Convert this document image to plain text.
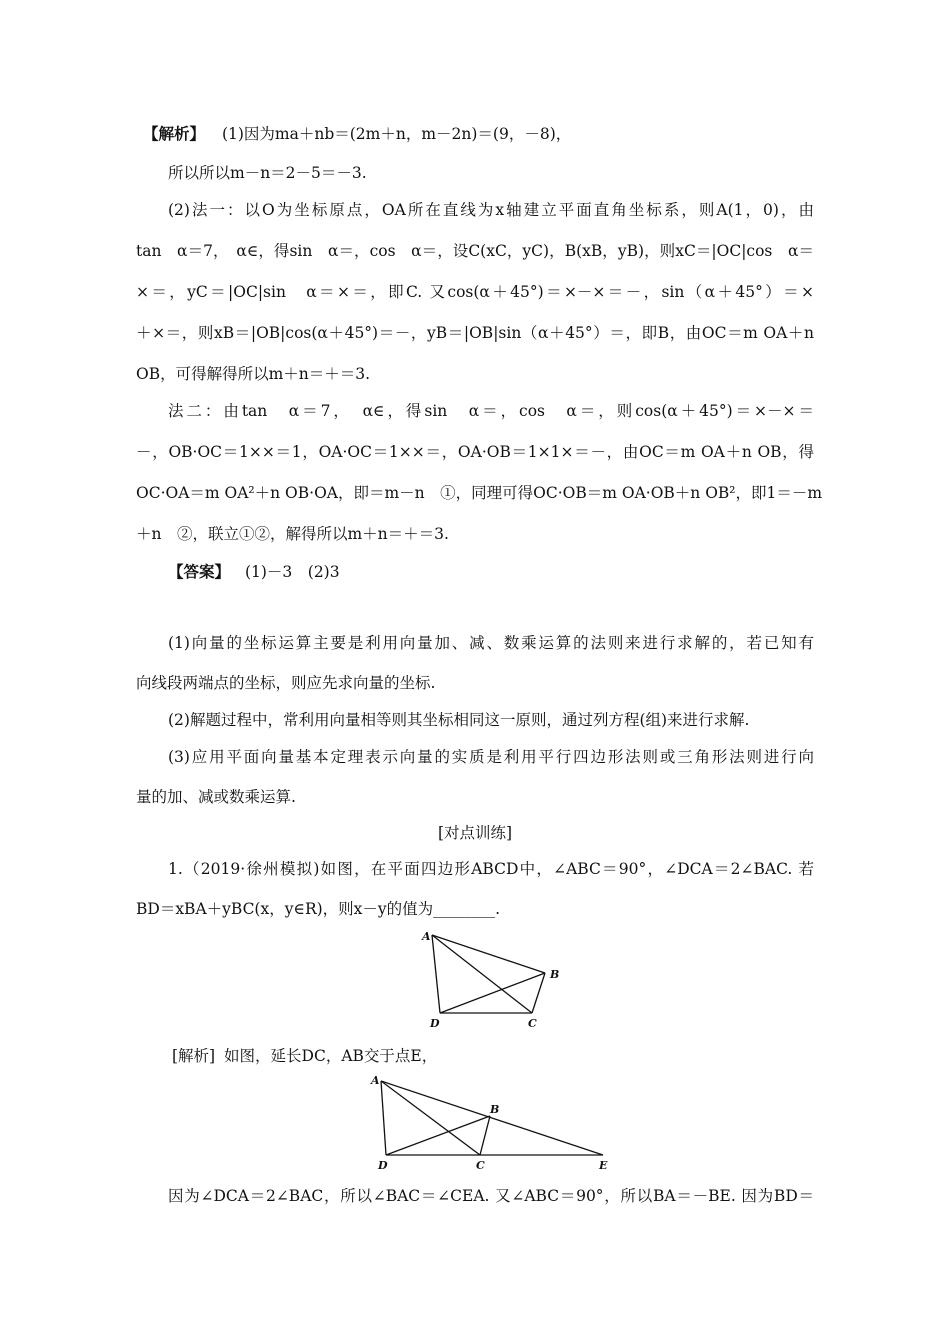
【解析】 (1)因为ma＋nb＝(2m＋n，m－2n)＝(9，－8)，
所以所以m－n＝2－5＝－3.
(2)法一：以O为坐标原点，OA所在直线为x轴建立平面直角坐标系，则A(1，0)，由
tan　α＝7，　α∈，得sin　α＝，cos　α＝，设C(xC，yC)，B(xB，yB)，则xC＝|OC|cos　α＝
×＝，yC＝|OC|sin　α＝×＝，即C. 又cos(α＋45°)＝×－×＝－，sin（α＋45°）＝×
＋×＝，则xB＝|OB|cos(α＋45°)＝－，yB＝|OB|sin（α＋45°）＝，即B，由OC＝m OA＋n
OB，可得解得所以m＋n＝＋＝3.
法二：由tan　α＝7，　α∈，得sin　α＝，cos　α＝，则cos(α＋45°)＝×－×＝
－，OB·OC＝1××＝1，OA·OC＝1××＝，OA·OB＝1×1×＝－，由OC＝m OA＋n OB，得
OC·OA＝m OA²＋n OB·OA，即＝m－n　①，同理可得OC·OB＝m OA·OB＋n OB²，即1＝－m
＋n　②，联立①②，解得所以m＋n＝＋＝3.
【答案】 (1)－3　(2)3
(1)向量的坐标运算主要是利用向量加、减、数乘运算的法则来进行求解的，若已知有
向线段两端点的坐标，则应先求向量的坐标.
(2)解题过程中，常利用向量相等则其坐标相同这一原则，通过列方程(组)来进行求解.
(3)应用平面向量基本定理表示向量的实质是利用平行四边形法则或三角形法则进行向
量的加、减或数乘运算.
[对点训练]
1.（2019·徐州模拟)如图，在平面四边形ABCD中，∠ABC＝90°，∠DCA＝2∠BAC. 若
BD＝xBA＋yBC(x，y∈R)，则x－y的值为________.
A
B
C
D
[解析] 如图，延长DC，AB交于点E，
A
B
C
D	E
因为∠DCA＝2∠BAC，所以∠BAC＝∠CEA. 又∠ABC＝90°，所以BA＝－BE. 因为BD＝
